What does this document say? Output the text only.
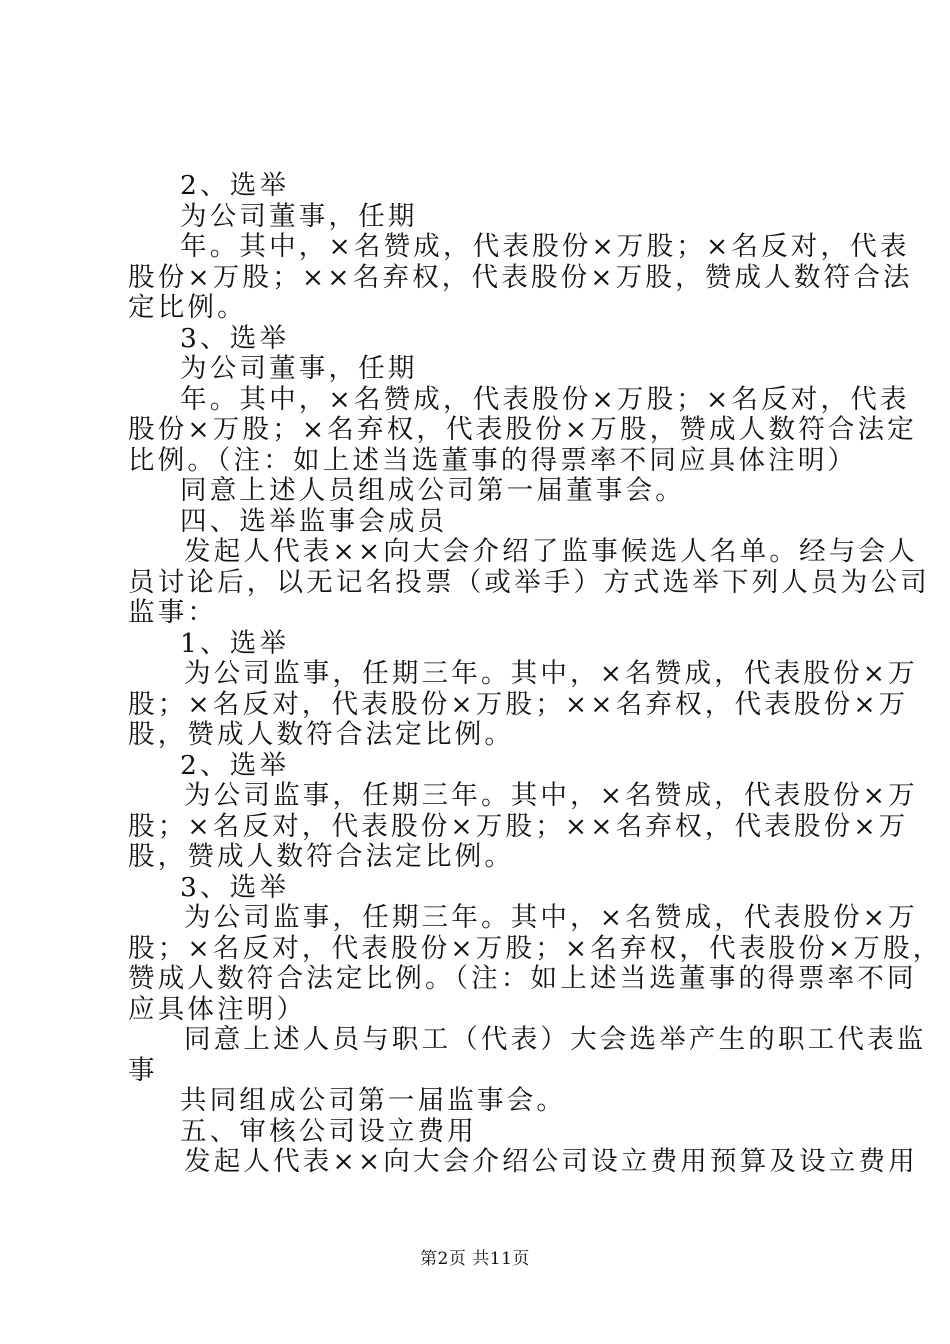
2、选举
为公司董事，任期
年。其中，×名赞成，代表股份×万股；×名反对，代表
股份×万股；××名弃权，代表股份×万股，赞成人数符合法
定比例。
3、选举
为公司董事，任期
年。其中，×名赞成，代表股份×万股；×名反对，代表
股份×万股；×名弃权，代表股份×万股，赞成人数符合法定
比例。（注：如上述当选董事的得票率不同应具体注明）
同意上述人员组成公司第一届董事会。
四、选举监事会成员
发起人代表××向大会介绍了监事候选人名单。经与会人
员讨论后，以无记名投票（或举手）方式选举下列人员为公司
监事：
1、选举
为公司监事，任期三年。其中，×名赞成，代表股份×万
股；×名反对，代表股份×万股；××名弃权，代表股份×万
股，赞成人数符合法定比例。
2、选举
为公司监事，任期三年。其中，×名赞成，代表股份×万
股；×名反对，代表股份×万股；××名弃权，代表股份×万
股，赞成人数符合法定比例。
3、选举
为公司监事，任期三年。其中，×名赞成，代表股份×万
股；×名反对，代表股份×万股；×名弃权，代表股份×万股，
赞成人数符合法定比例。（注：如上述当选董事的得票率不同
应具体注明）
同意上述人员与职工（代表）大会选举产生的职工代表监
事
共同组成公司第一届监事会。
五、审核公司设立费用
发起人代表××向大会介绍公司设立费用预算及设立费用
第2页 共11页
